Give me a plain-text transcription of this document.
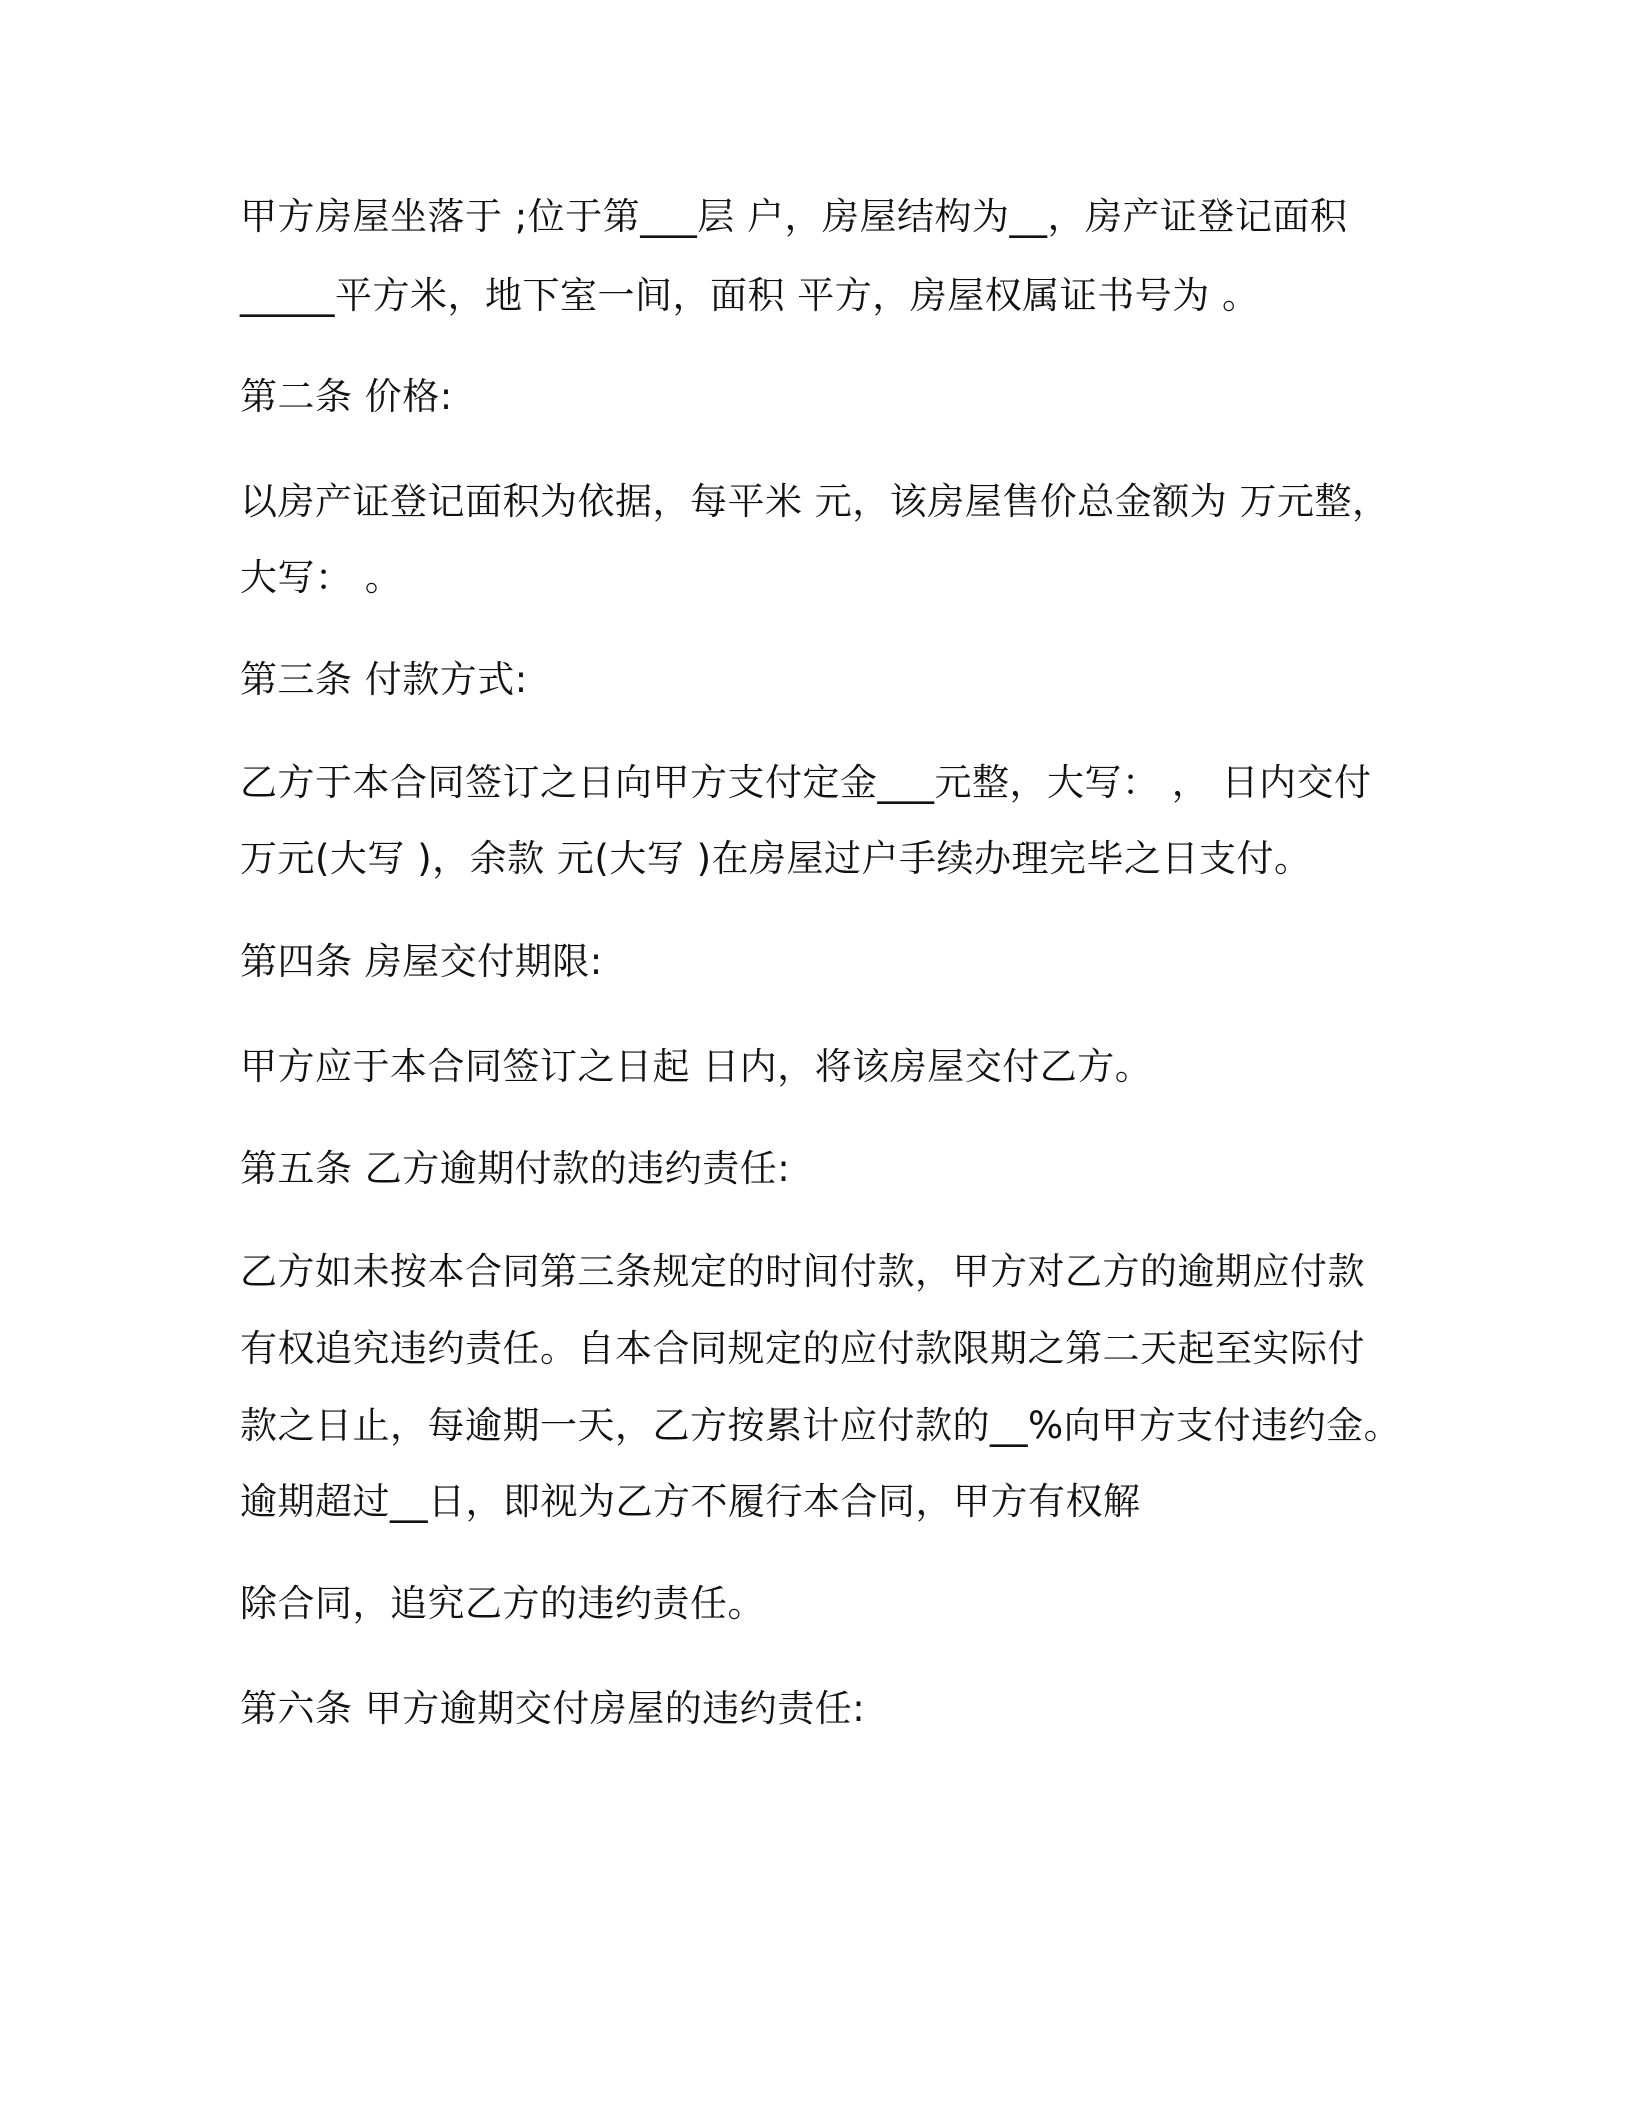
甲方房屋坐落于 ;位于第___层 户，房屋结构为__，房产证登记面积
_____平方米，地下室一间，面积 平方，房屋权属证书号为 。
第二条 价格:
以房产证登记面积为依据，每平米 元，该房屋售价总金额为 万元整，
大写： 。
第三条 付款方式:
乙方于本合同签订之日向甲方支付定金___元整，大写： ， 日内交付
万元(大写 )，余款 元(大写 )在房屋过户手续办理完毕之日支付。
第四条 房屋交付期限:
甲方应于本合同签订之日起 日内，将该房屋交付乙方。
第五条 乙方逾期付款的违约责任:
乙方如未按本合同第三条规定的时间付款，甲方对乙方的逾期应付款
有权追究违约责任。自本合同规定的应付款限期之第二天起至实际付
款之日止，每逾期一天，乙方按累计应付款的__%向甲方支付违约金。
逾期超过__日，即视为乙方不履行本合同，甲方有权解
除合同，追究乙方的违约责任。
第六条 甲方逾期交付房屋的违约责任:
